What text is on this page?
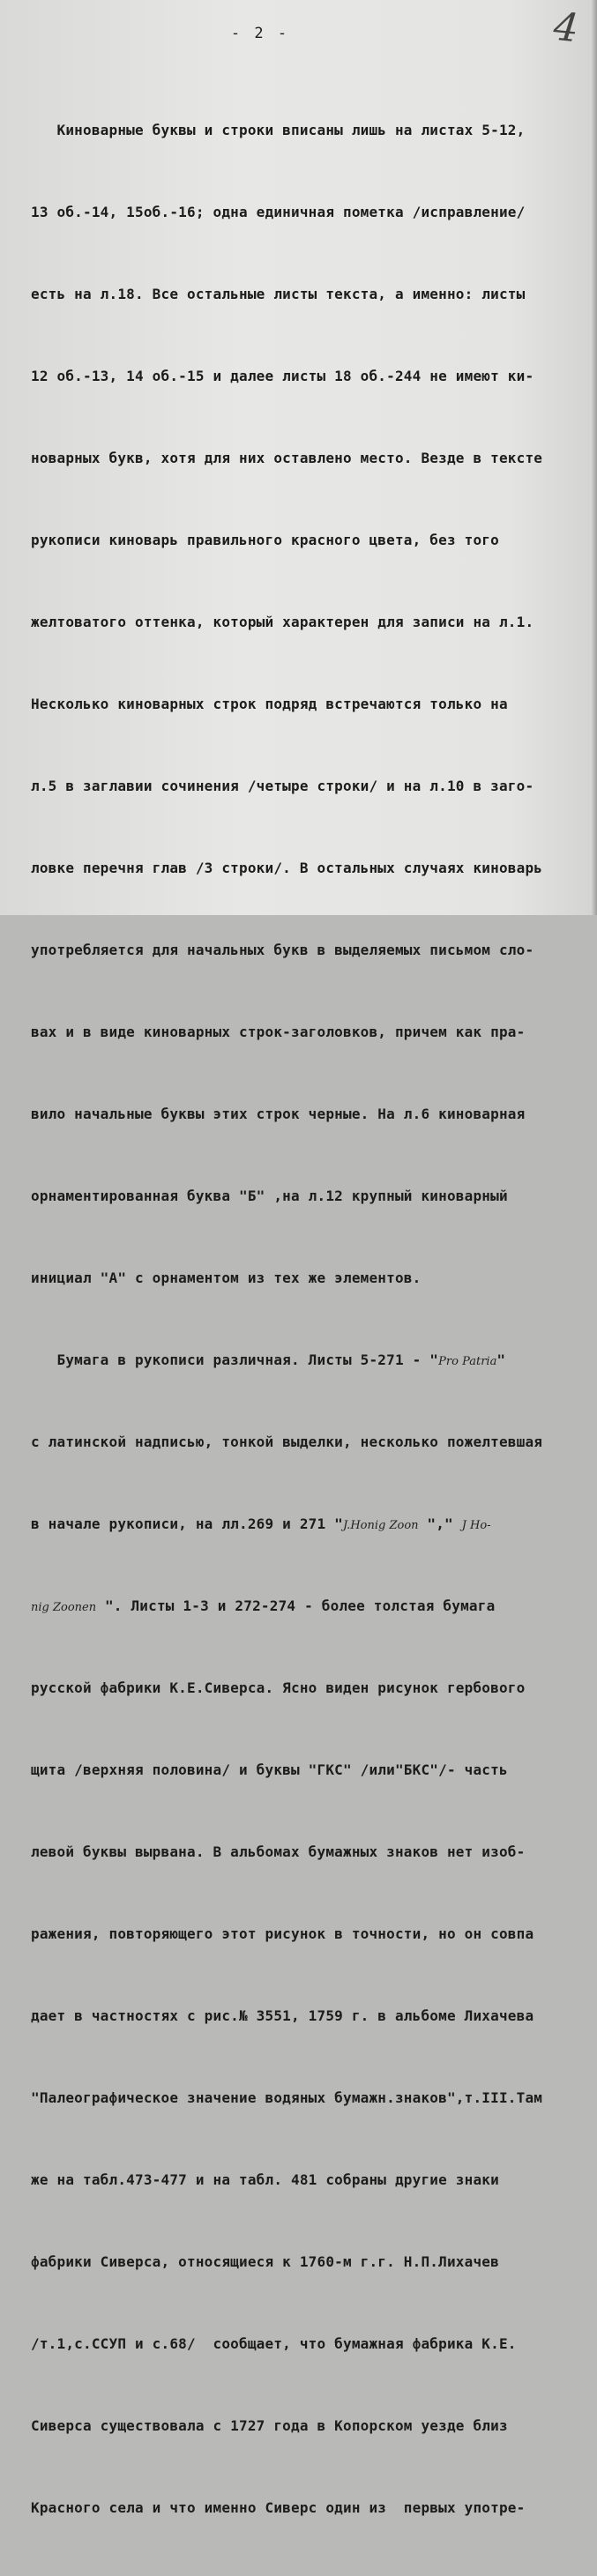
- 2 -	4

Киноварные буквы и строки вписаны лишь на листах 5-12,

13 об.-14, 15об.-16; одна единичная пометка /исправление/

есть на л.18. Все остальные листы текста, а именно: листы

12 об.-13, 14 об.-15 и далее листы 18 об.-244 не имеют ки-

новарных букв, хотя для них оставлено место. Везде в тексте

рукописи киноварь правильного красного цвета, без того

желтоватого оттенка, который характерен для записи на л.1.

Несколько киноварных строк подряд встречаются только на

л.5 в заглавии сочинения /четыре строки/ и на л.10 в заго-

ловке перечня глав /3 строки/. В остальных случаях киноварь

употребляется для начальных букв в выделяемых письмом сло-

вах и в виде киноварных строк-заголовков, причем как пра-

вило начальные буквы этих строк черные. На л.6 киноварная

орнаментированная буква "Б" ,на л.12 крупный киноварный

инициал "А" с орнаментом из тех же элементов.

Бумага в рукописи различная. Листы 5-271 - "Pro Patria"

с латинской надписью, тонкой выделки, несколько пожелтевшая

в начале рукописи, на лл.269 и 271 "J.Honig Zoon "," J Ho-

nig Zoonen ". Листы 1-3 и 272-274 - более толстая бумага

русской фабрики К.Е.Сиверса. Ясно виден рисунок гербового

щита /верхняя половина/ и буквы "ГКС" /или"БКС"/- часть

левой буквы вырвана. В альбомах бумажных знаков нет изоб-

ражения, повторяющего этот рисунок в точности, но он совпа

дает в частностях с рис.№ 3551, 1759 г. в альбоме Лихачева

"Палеографическое значение водяных бумажн.знаков",т.III.Там

же на табл.473-477 и на табл. 481 собраны другие знаки

фабрики Сиверса, относящиеся к 1760-м г.г. Н.П.Лихачев

/т.1,с.ССУП и с.68/  сообщает, что бумажная фабрика К.Е.

Сиверса существовала с 1727 года в Копорском уезде близ

Красного села и что именно Сиверс один из  первых употре-
